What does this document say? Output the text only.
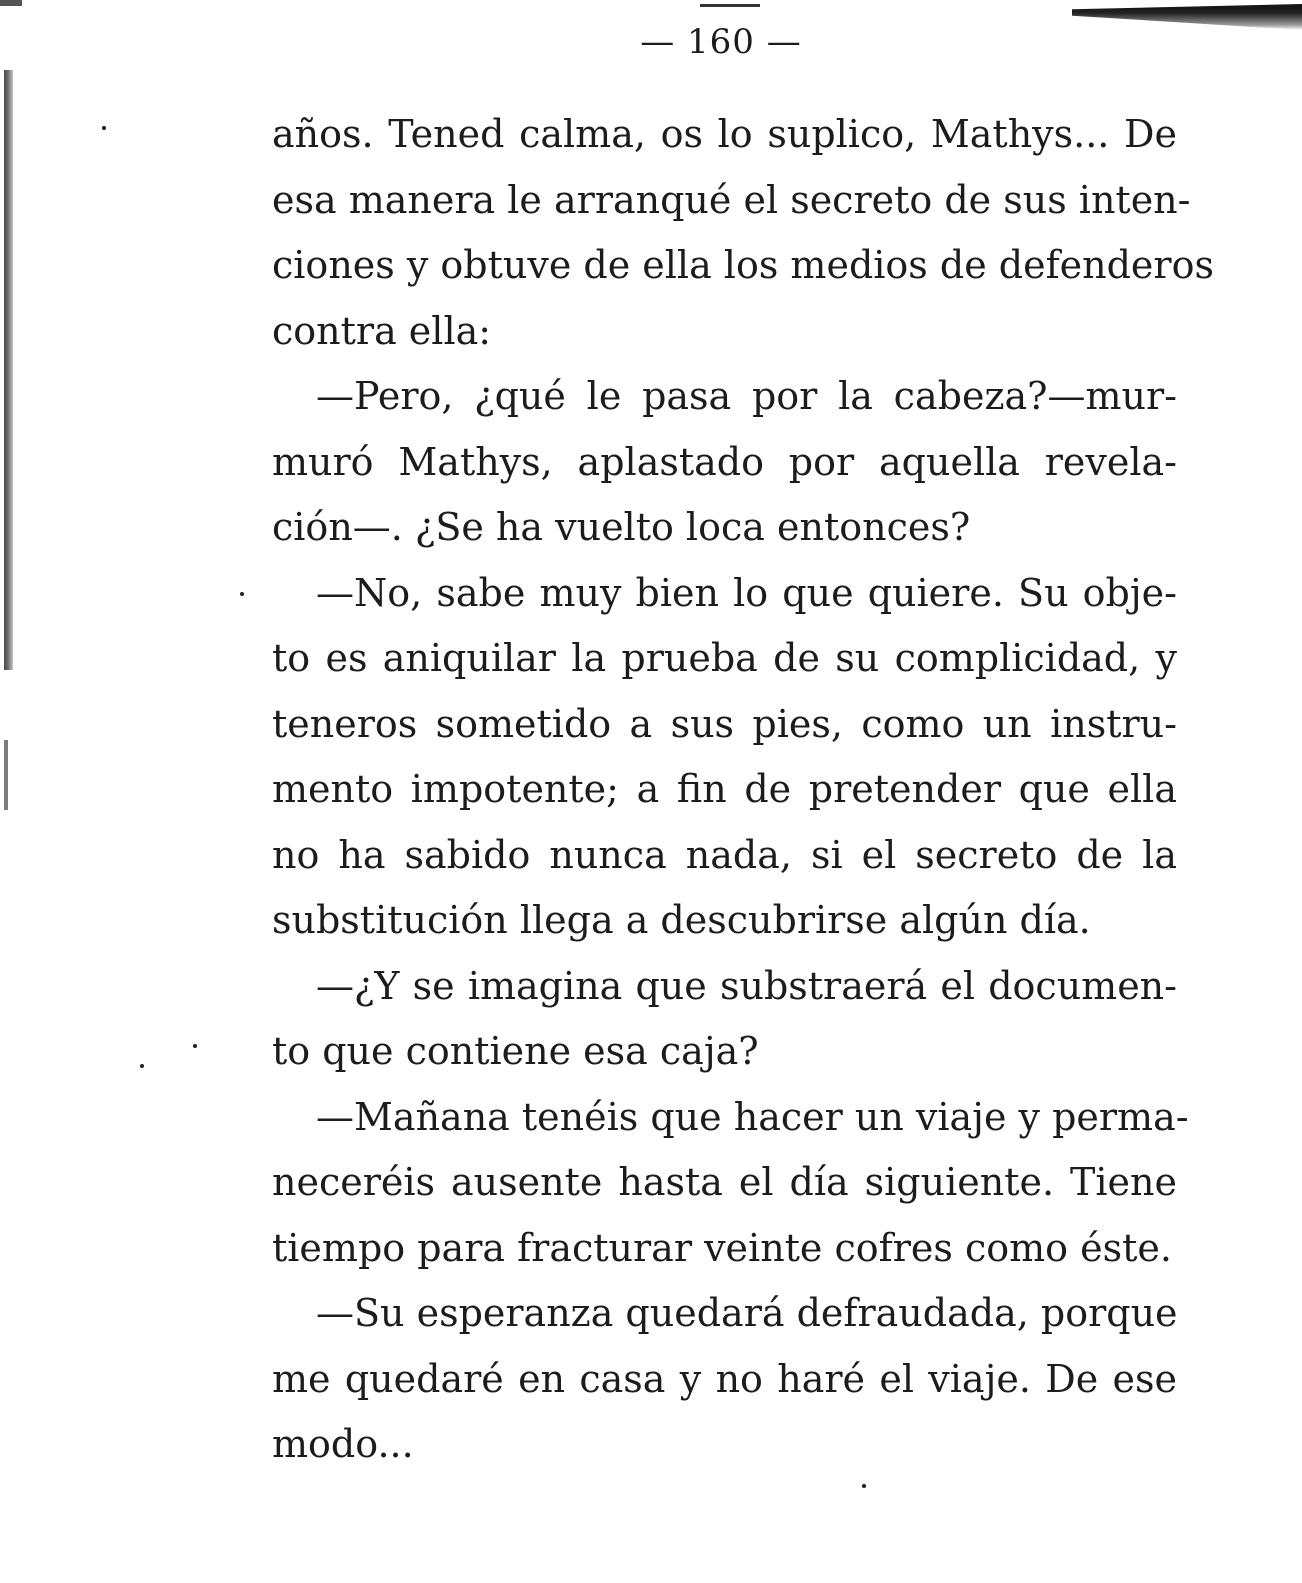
— 160 —
años. Tened calma, os lo suplico, Mathys... De
esa manera le arranqué el secreto de sus inten-
ciones y obtuve de ella los medios de defenderos
contra ella:
—Pero, ¿qué le pasa por la cabeza?—mur-
muró Mathys, aplastado por aquella revela-
ción—. ¿Se ha vuelto loca entonces?
—No, sabe muy bien lo que quiere. Su obje-
to es aniquilar la prueba de su complicidad, y
teneros sometido a sus pies, como un instru-
mento impotente; a fin de pretender que ella
no ha sabido nunca nada, si el secreto de la
substitución llega a descubrirse algún día.
—¿Y se imagina que substraerá el documen-
to que contiene esa caja?
—Mañana tenéis que hacer un viaje y perma-
neceréis ausente hasta el día siguiente. Tiene
tiempo para fracturar veinte cofres como éste.
—Su esperanza quedará defraudada, porque
me quedaré en casa y no haré el viaje. De ese
modo...
